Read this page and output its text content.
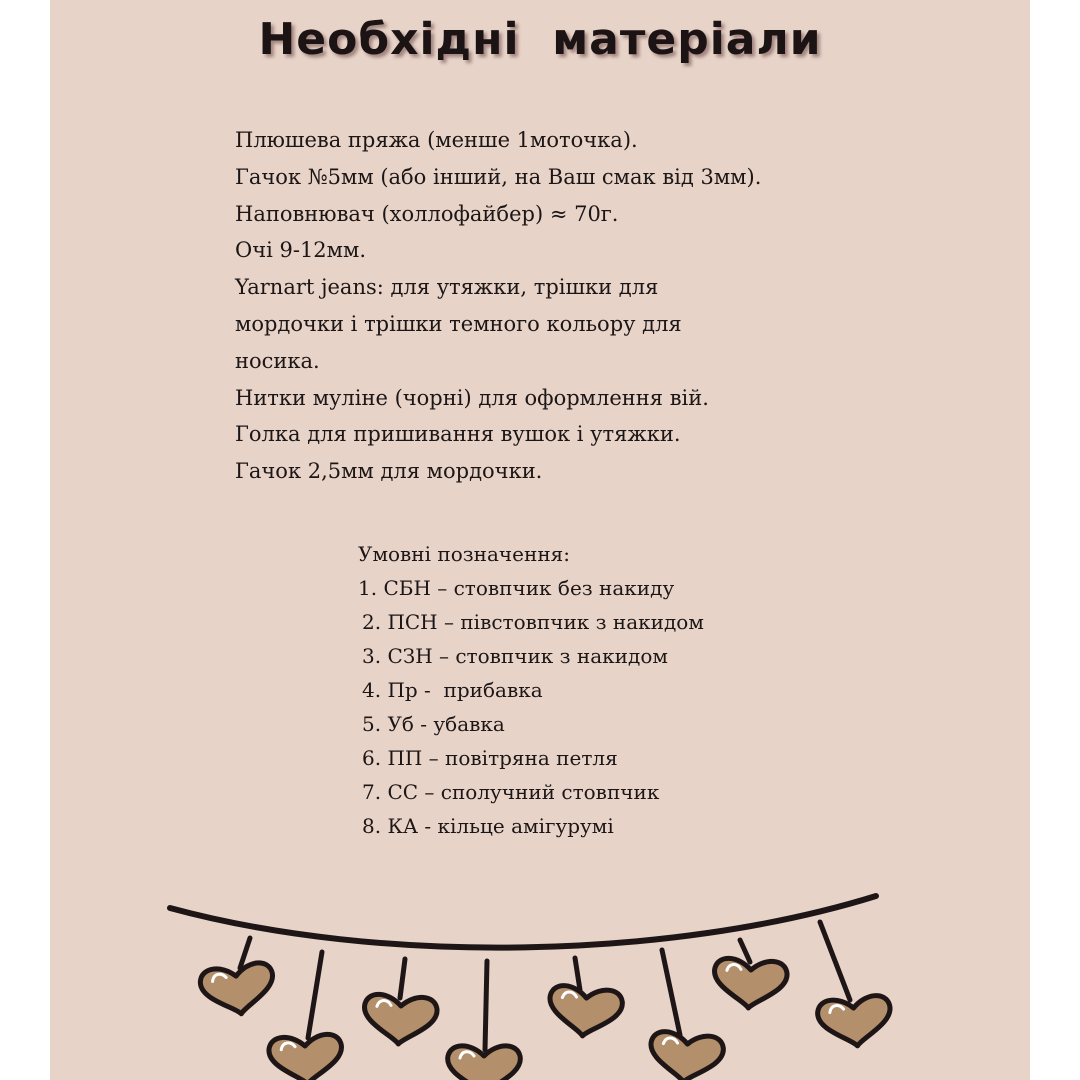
Необхідні  матеріали
Плюшева пряжа (менше 1моточка).
Гачок №5мм (або інший, на Ваш смак від 3мм).
Наповнювач (холлофайбер) ≈ 70г.
Очі 9-12мм.
Yarnart jeans: для утяжки, трішки для
мордочки і трішки темного кольору для
носика.
Нитки муліне (чорні) для оформлення вій.
Голка для пришивання вушок і утяжки.
Гачок 2,5мм для мордочки.
Умовні позначення:
1. СБН – стовпчик без накиду
2. ПСН – півстовпчик з накидом
3. СЗН – стовпчик з накидом
4. Пр -  прибавка
5. Уб - убавка
6. ПП – повітряна петля
7. СС – сполучний стовпчик
8. КА - кільце амігурумі
